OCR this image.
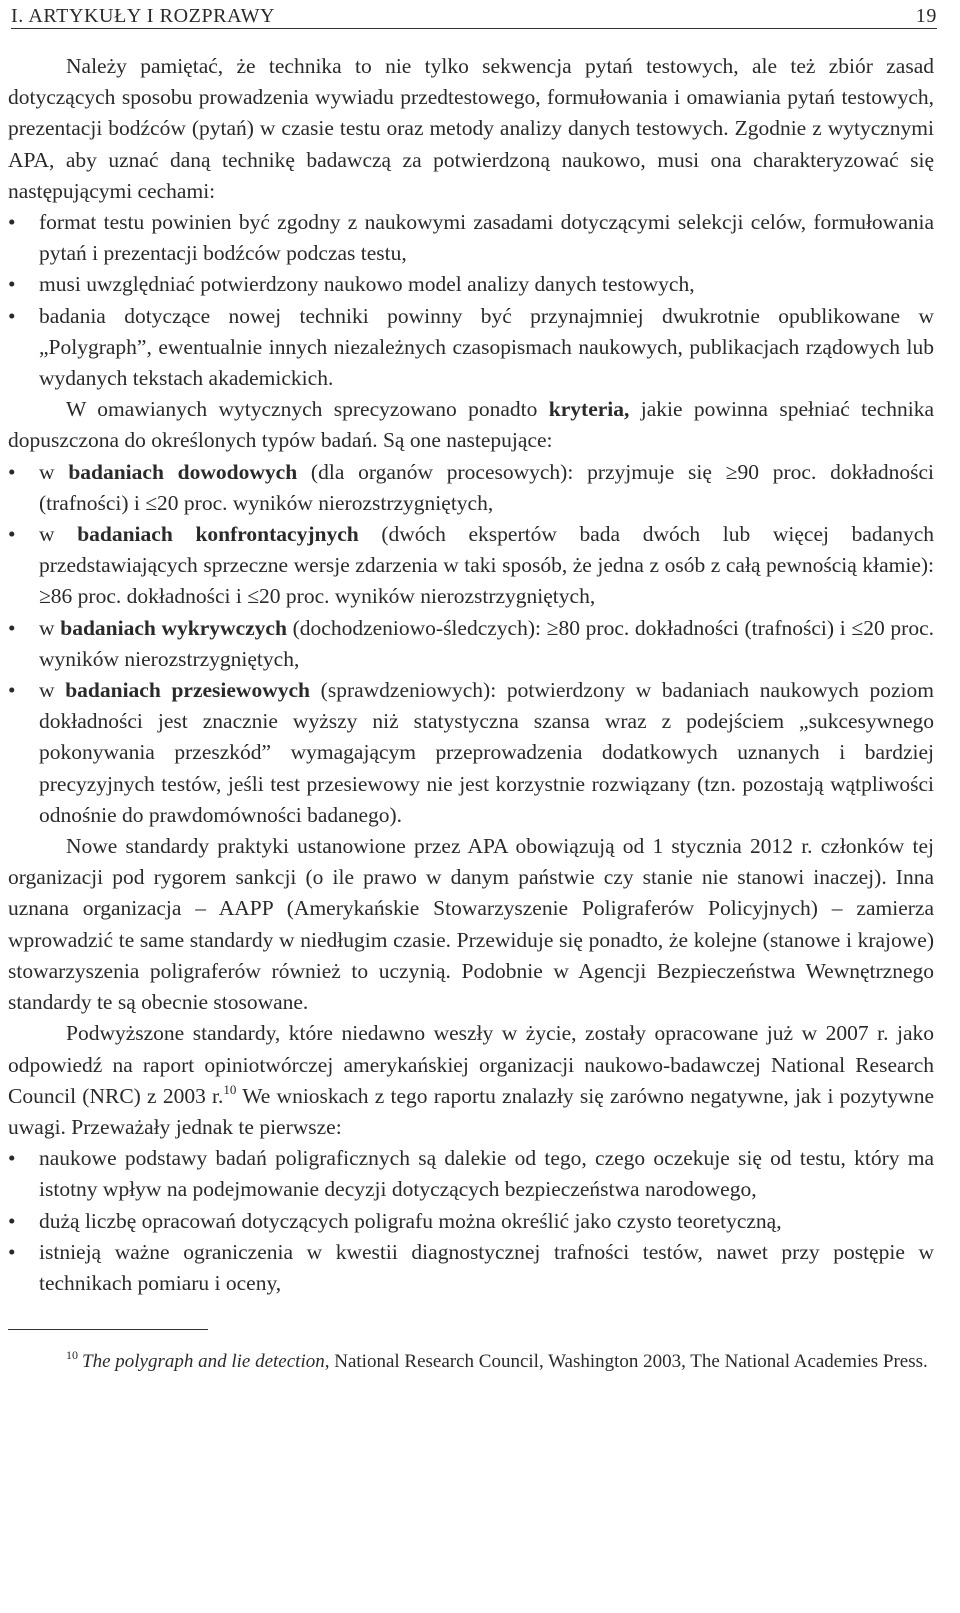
I. ARTYKUŁY I ROZPRAWY	19

Należy pamiętać, że technika to nie tylko sekwencja pytań testowych, ale też zbiór zasad dotyczących sposobu prowadzenia wywiadu przedtestowego, formułowania i omawiania pytań testowych, prezentacji bodźców (pytań) w czasie testu oraz metody analizy danych testowych. Zgodnie z wytycznymi APA, aby uznać daną technikę badawczą za potwierdzoną naukowo, musi ona charakteryzować się następującymi cechami:

•	format testu powinien być zgodny z naukowymi zasadami dotyczącymi selekcji celów, formułowania pytań i prezentacji bodźców podczas testu,
•	musi uwzględniać potwierdzony naukowo model analizy danych testowych,
•	badania dotyczące nowej techniki powinny być przynajmniej dwukrotnie opublikowane w „Polygraph”, ewentualnie innych niezależnych czasopismach naukowych, publikacjach rządowych lub wydanych tekstach akademickich.

W omawianych wytycznych sprecyzowano ponadto kryteria, jakie powinna spełniać technika dopuszczona do określonych typów badań. Są one nastepujące:

•	w badaniach dowodowych (dla organów procesowych): przyjmuje się ≥90 proc. dokładności (trafności) i ≤20 proc. wyników nierozstrzygniętych,
•	w badaniach konfrontacyjnych (dwóch ekspertów bada dwóch lub więcej badanych przedstawiających sprzeczne wersje zdarzenia w taki sposób, że jedna z osób z całą pewnością kłamie): ≥86 proc. dokładności i ≤20 proc. wyników nierozstrzygniętych,
•	w badaniach wykrywczych (dochodzeniowo-śledczych): ≥80 proc. dokładności (trafności) i ≤20 proc. wyników nierozstrzygniętych,
•	w badaniach przesiewowych (sprawdzeniowych): potwierdzony w badaniach naukowych poziom dokładności jest znacznie wyższy niż statystyczna szansa wraz z podejściem „sukcesywnego pokonywania przeszkód” wymagającym przeprowadzenia dodatkowych uznanych i bardziej precyzyjnych testów, jeśli test przesiewowy nie jest korzystnie rozwiązany (tzn. pozostają wątpliwości odnośnie do prawdomówności badanego).

Nowe standardy praktyki ustanowione przez APA obowiązują od 1 stycznia 2012 r. członków tej organizacji pod rygorem sankcji (o ile prawo w danym państwie czy stanie nie stanowi inaczej). Inna uznana organizacja – AAPP (Amerykańskie Stowarzyszenie Poligraferów Policyjnych) – zamierza wprowadzić te same standardy w niedługim czasie. Przewiduje się ponadto, że kolejne (stanowe i krajowe) stowarzyszenia poligraferów również to uczynią. Podobnie w Agencji Bezpieczeństwa Wewnętrznego standardy te są obecnie stosowane.

Podwyższone standardy, które niedawno weszły w życie, zostały opracowane już w 2007 r. jako odpowiedź na raport opiniotwórczej amerykańskiej organizacji naukowo-badawczej National Research Council (NRC) z 2003 r.$^{10}$ We wnioskach z tego raportu znalazły się zarówno negatywne, jak i pozytywne uwagi. Przeważały jednak te pierwsze:

•	naukowe podstawy badań poligraficznych są dalekie od tego, czego oczekuje się od testu, który ma istotny wpływ na podejmowanie decyzji dotyczących bezpieczeństwa narodowego,
•	dużą liczbę opracowań dotyczących poligrafu można określić jako czysto teoretyczną,
•	istnieją ważne ograniczenia w kwestii diagnostycznej trafności testów, nawet przy postępie w technikach pomiaru i oceny,
$^{10}$ The polygraph and lie detection, National Research Council, Washington 2003, The National Academies Press.
